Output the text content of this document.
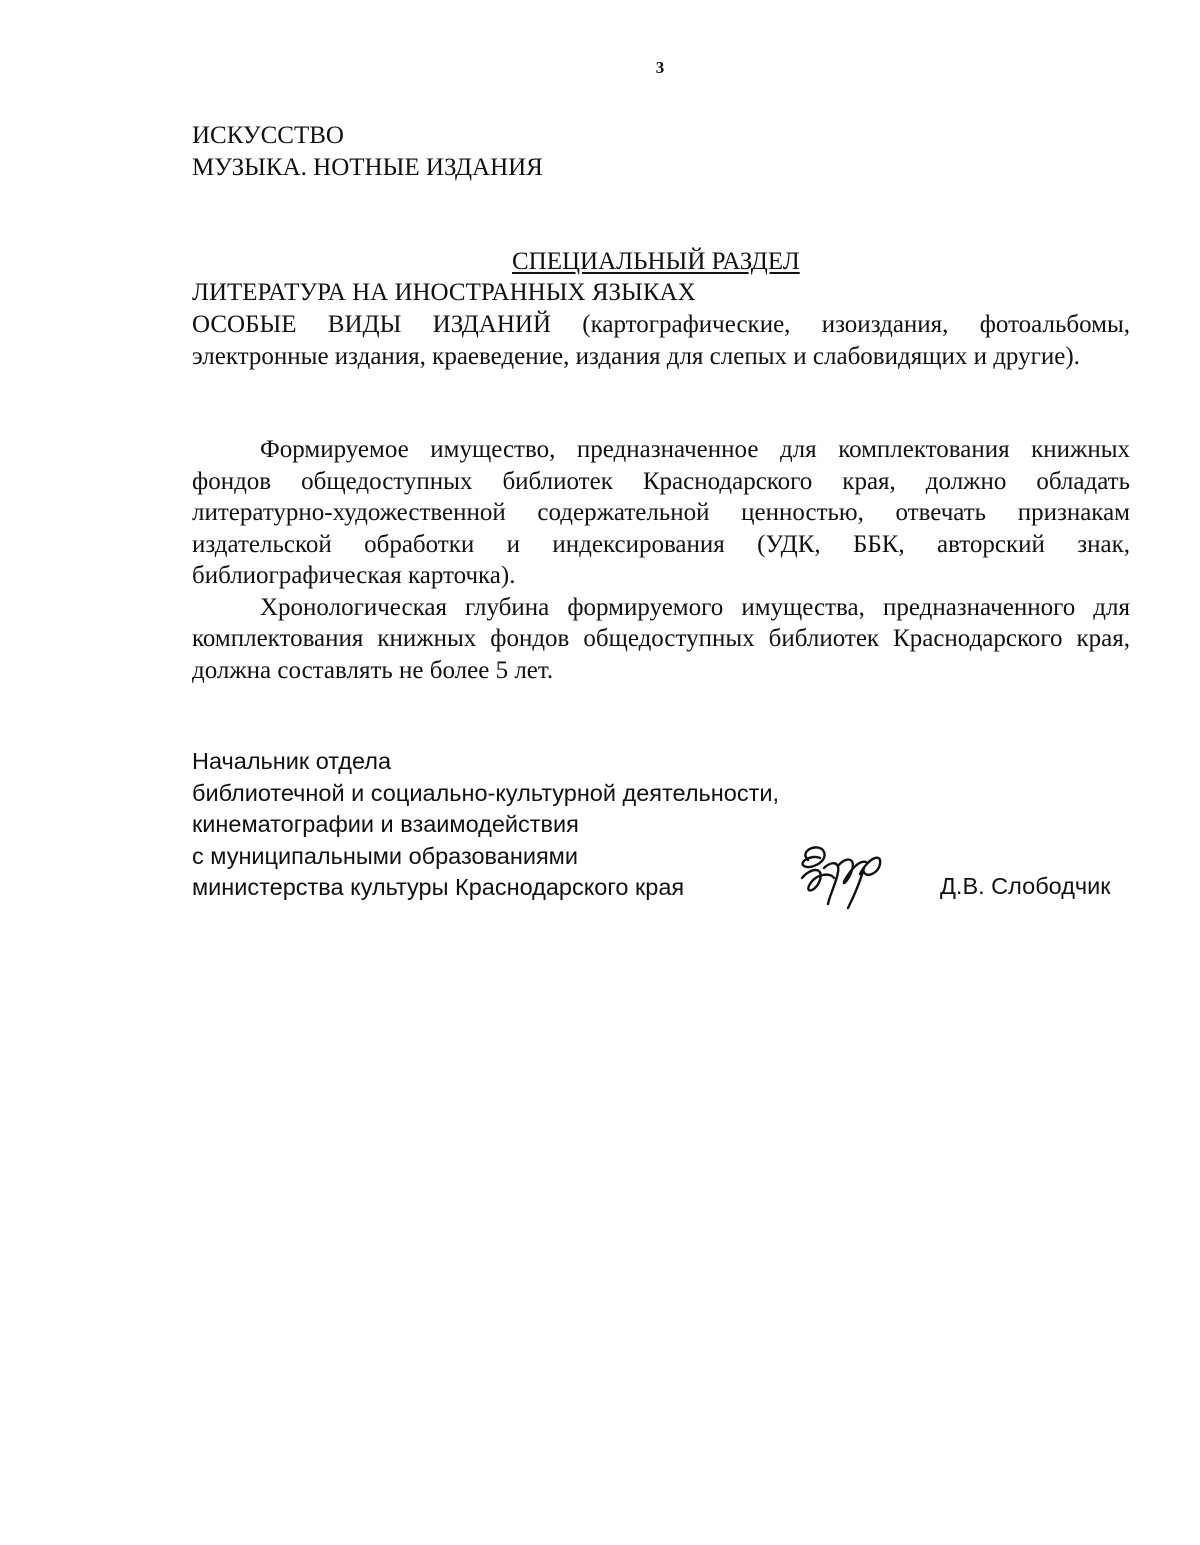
3
ИСКУССТВО
МУЗЫКА. НОТНЫЕ ИЗДАНИЯ
СПЕЦИАЛЬНЫЙ РАЗДЕЛ
ЛИТЕРАТУРА НА ИНОСТРАННЫХ ЯЗЫКАХ
ОСОБЫЕ ВИДЫ ИЗДАНИЙ (картографические, изоиздания, фотоальбомы,
электронные издания, краеведение, издания для слепых и слабовидящих и другие).

Формируемое имущество, предназначенное для комплектования книжных фондов общедоступных библиотек Краснодарского края, должно обладать литературно-художественной содержательной ценностью, отвечать признакам издательской обработки и индексирования (УДК, ББК, авторский знак, библиографическая карточка).

Хронологическая глубина формируемого имущества, предназначенного для комплектования книжных фондов общедоступных библиотек Краснодарского края, должна составлять не более 5 лет.

Начальник отдела
библиотечной и социально-культурной деятельности,
кинематографии и взаимодействия
с муниципальными образованиями
министерства культуры Краснодарского края	Д.В. Слободчик
